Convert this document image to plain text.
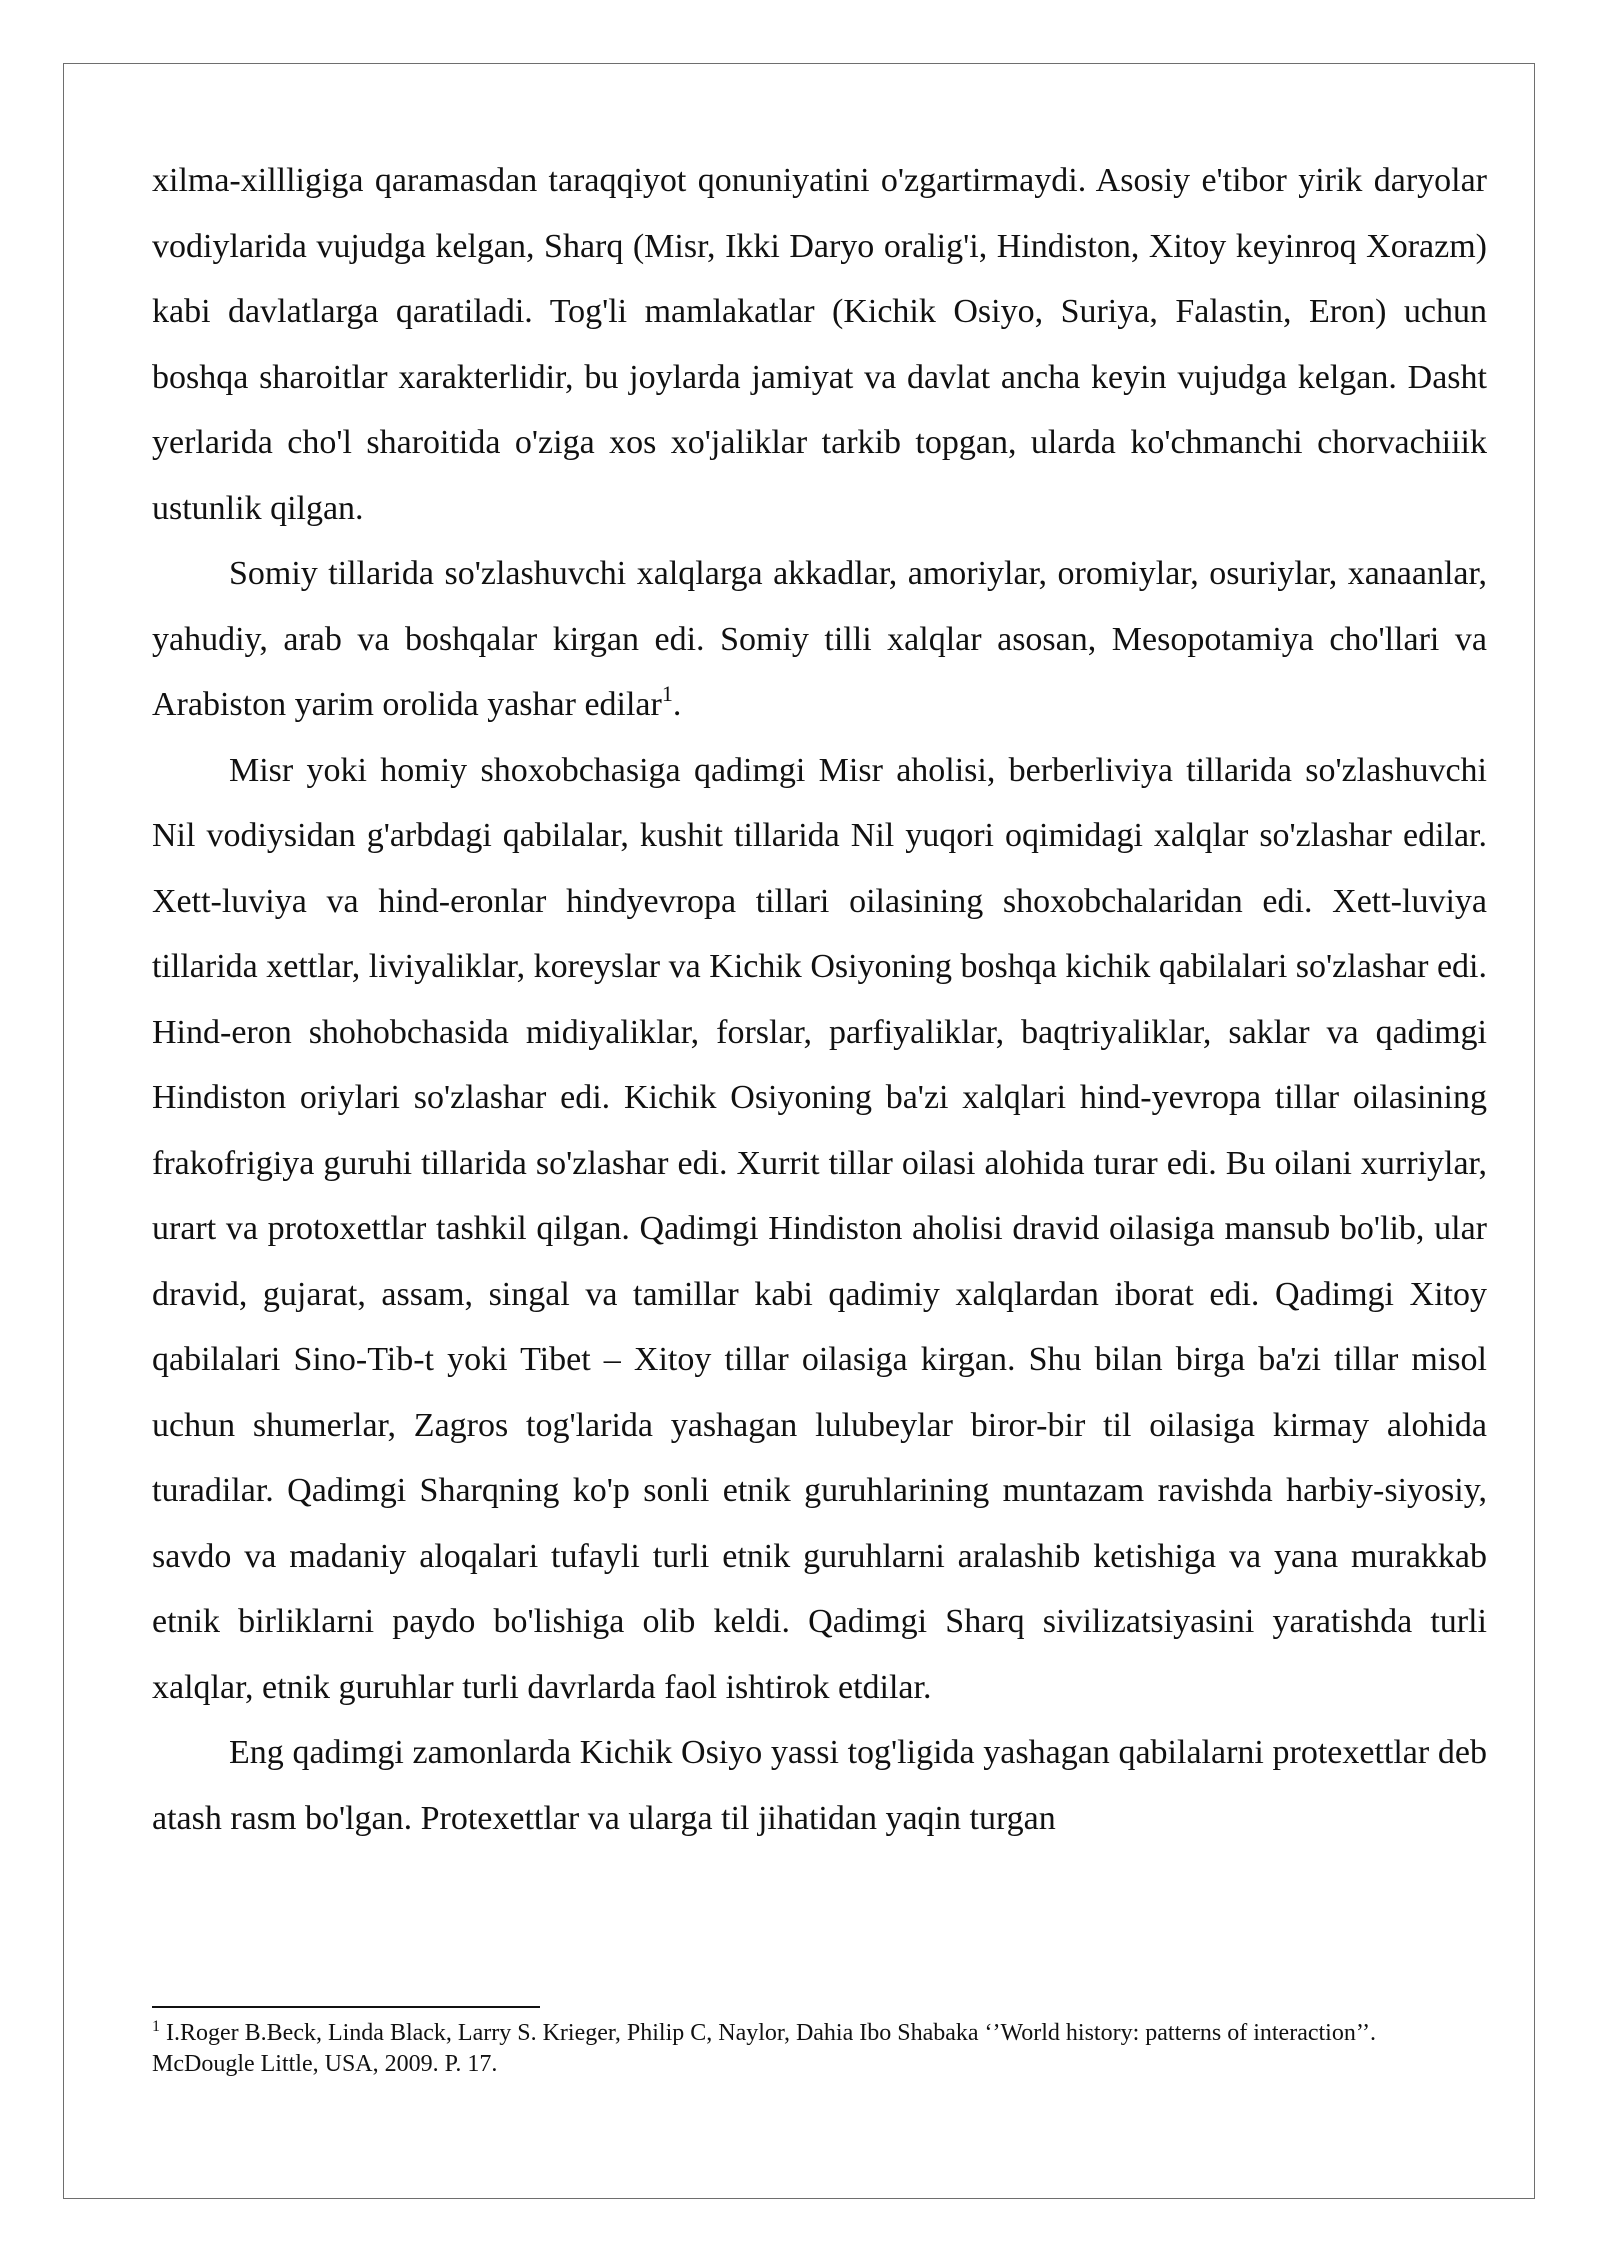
xilma-xillligiga qaramasdan taraqqiyot qonuniyatini o'zgartirmaydi. Asosiy e'tibor yirik daryolar vodiylarida vujudga kelgan, Sharq (Misr, Ikki Daryo oralig'i, Hindiston, Xitoy keyinroq Xorazm) kabi davlatlarga qaratiladi. Tog'li mamlakatlar (Kichik Osiyo, Suriya, Falastin, Eron) uchun boshqa sharoitlar xarakterlidir, bu joylarda jamiyat va davlat ancha keyin vujudga kelgan. Dasht yerlarida cho'l sharoitida o'ziga xos xo'jaliklar tarkib topgan, ularda ko'chmanchi chorvachiiik ustunlik qilgan.

Somiy tillarida so'zlashuvchi xalqlarga akkadlar, amoriylar, oromiylar, osuriylar, xanaanlar, yahudiy, arab va boshqalar kirgan edi. Somiy tilli xalqlar asosan, Mesopotamiya cho'llari va Arabiston yarim orolida yashar edilar$^1$.

Misr yoki homiy shoxobchasiga qadimgi Misr aholisi, berberliviya tillarida so'zlashuvchi Nil vodiysidan g'arbdagi qabilalar, kushit tillarida Nil yuqori oqimidagi xalqlar so'zlashar edilar. Xett-luviya va hind-eronlar hindyevropa tillari oilasining shoxobchalaridan edi. Xett-luviya tillarida xettlar, liviyaliklar, koreyslar va Kichik Osiyoning boshqa kichik qabilalari so'zlashar edi. Hind-eron shohobchasida midiyaliklar, forslar, parfiyaliklar, baqtriyaliklar, saklar va qadimgi Hindiston oriylari so'zlashar edi. Kichik Osiyoning ba'zi xalqlari hind-yevropa tillar oilasining frakofrigiya guruhi tillarida so'zlashar edi. Xurrit tillar oilasi alohida turar edi. Bu oilani xurriylar, urart va protoxettlar tashkil qilgan. Qadimgi Hindiston aholisi dravid oilasiga mansub bo'lib, ular dravid, gujarat, assam, singal va tamillar kabi qadimiy xalqlardan iborat edi. Qadimgi Xitoy qabilalari Sino-Tib-t yoki Tibet – Xitoy tillar oilasiga kirgan. Shu bilan birga ba'zi tillar misol uchun shumerlar, Zagros tog'larida yashagan lulubeylar biror-bir til oilasiga kirmay alohida turadilar. Qadimgi Sharqning ko'p sonli etnik guruhlarining muntazam ravishda harbiy-siyosiy, savdo va madaniy aloqalari tufayli turli etnik guruhlarni aralashib ketishiga va yana murakkab etnik birliklarni paydo bo'lishiga olib keldi. Qadimgi Sharq sivilizatsiyasini yaratishda turli xalqlar, etnik guruhlar turli davrlarda faol ishtirok etdilar.

Eng qadimgi zamonlarda Kichik Osiyo yassi tog'ligida yashagan qabilalarni protexettlar deb atash rasm bo'lgan. Protexettlar va ularga til jihatidan yaqin turgan

$^1$ I.Roger B.Beck, Linda Black, Larry S. Krieger, Philip C, Naylor, Dahia Ibo Shabaka ‘’World history: patterns of interaction’’. McDougle Little, USA, 2009. P. 17.
